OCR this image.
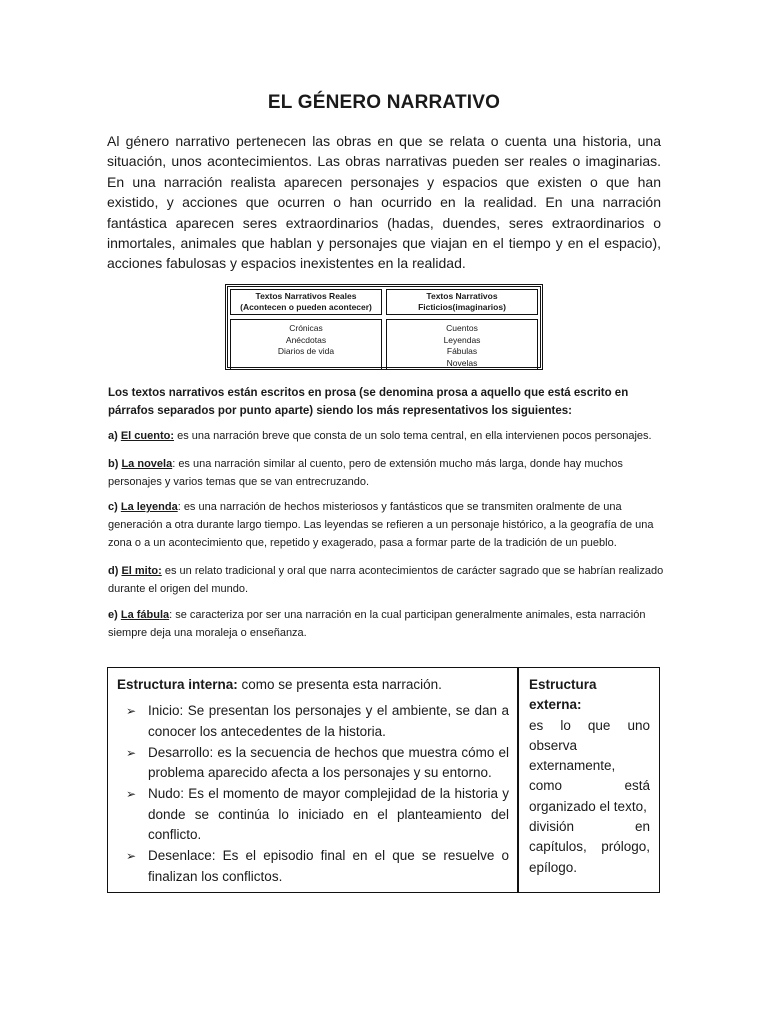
EL GÉNERO NARRATIVO

Al género narrativo pertenecen las obras en que se relata o cuenta una historia, una situación, unos acontecimientos. Las obras narrativas pueden ser reales o imaginarias. En una narración realista aparecen personajes y espacios que existen o que han existido, y acciones que ocurren o han ocurrido en la realidad. En una narración fantástica aparecen seres extraordinarios (hadas, duendes, seres extraordinarios o inmortales, animales que hablan y personajes que viajan en el tiempo y en el espacio), acciones fabulosas y espacios inexistentes en la realidad.

Textos Narrativos Reales (Acontecen o pueden acontecer)
Textos Narrativos Ficticios(imaginarios)
Crónicas
Anécdotas
Diarios de vida
Cuentos
Leyendas
Fábulas
Novelas

Los textos narrativos están escritos en prosa (se denomina prosa a aquello que está escrito en párrafos separados por punto aparte) siendo los más representativos los siguientes:

a) El cuento: es una narración breve que consta de un solo tema central, en ella intervienen pocos personajes.

b) La novela: es una narración similar al cuento, pero de extensión mucho más larga, donde hay muchos personajes y varios temas que se van entrecruzando.

c) La leyenda: es una narración de hechos misteriosos y fantásticos que se transmiten oralmente de una generación a otra durante largo tiempo. Las leyendas se refieren a un personaje histórico, a la geografía de una zona o a un acontecimiento que, repetido y exagerado, pasa a formar parte de la tradición de un pueblo.

d) El mito: es un relato tradicional y oral que narra acontecimientos de carácter sagrado que se habrían realizado durante el origen del mundo.

e) La fábula: se caracteriza por ser una narración en la cual participan generalmente animales, esta narración siempre deja una moraleja o enseñanza.

Estructura interna: como se presenta esta narración.
➢ Inicio: Se presentan los personajes y el ambiente, se dan a conocer los antecedentes de la historia.
➢ Desarrollo: es la secuencia de hechos que muestra cómo el problema aparecido afecta a los personajes y su entorno.
➢ Nudo: Es el momento de mayor complejidad de la historia y donde se continúa lo iniciado en el planteamiento del conflicto.
➢ Desenlace: Es el episodio final en el que se resuelve o finalizan los conflictos.
Estructura externa:
es lo que uno
observa
externamente,
como está
organizado el texto,
división en
capítulos, prólogo,
epílogo.
